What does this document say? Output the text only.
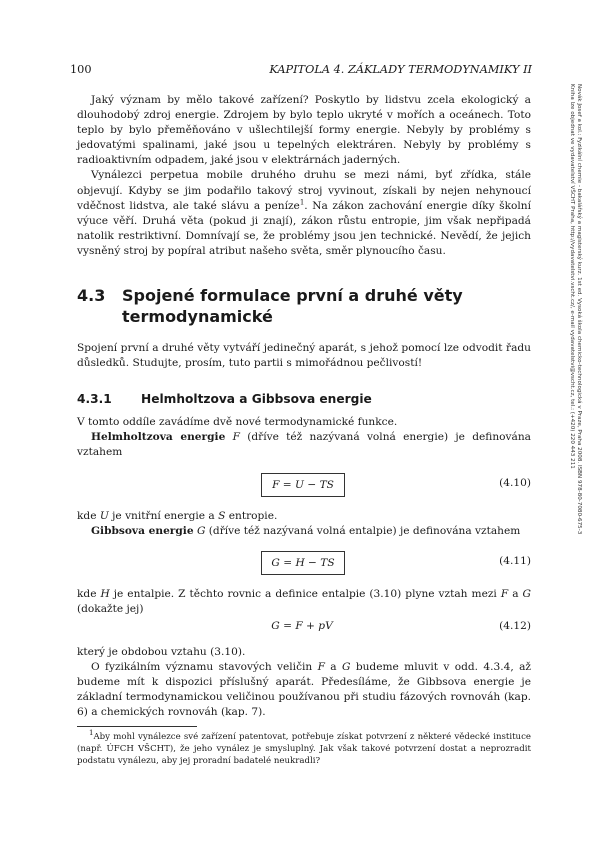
100	KAPITOLA 4. ZÁKLADY TERMODYNAMIKY II
Novák Josef a kol.: Fyzikální chemie - bakalářský a magisterský kurz. 1st ed. Vysoká škola chemicko-technologická v Praze, Praha 2008. ISBN 978-80-7080-675-3
Kniha lze objednat ve vydavatelství VŠCHT Praha, http://vydavatelstvi.vscht.cz/, e-mail vydavatelstvi@vscht.cz, tel.: (+420) 220 443 211

Jaký význam by mělo takové zařízení? Poskytlo by lidstvu zcela ekologický a dlouhodobý zdroj energie. Zdrojem by bylo teplo ukryté v mořích a oceánech. Toto teplo by bylo přeměňováno v ušlechtilejší formy energie. Nebyly by problémy s jedovatými spalinami, jaké jsou u tepelných elektráren. Nebyly by problémy s radioaktivním odpadem, jaké jsou v elektrárnách jaderných.

Vynálezci perpetua mobile druhého druhu se mezi námi, byť zřídka, stále objevují. Kdyby se jim podařilo takový stroj vyvinout, získali by nejen nehynoucí vděčnost lidstva, ale také slávu a peníze$^1$. Na zákon zachování energie díky školní výuce věří. Druhá věta (pokud ji znají), zákon růstu entropie, jim však nepřipadá natolik restriktivní. Domnívají se, že problémy jsou jen technické. Nevědí, že jejich vysněný stroj by popíral atribut našeho světa, směr plynoucího času.

4.3	Spojené formulace první a druhé věty termodynamické

Spojení první a druhé věty vytváří jedinečný aparát, s jehož pomocí lze odvodit řadu důsledků. Studujte, prosím, tuto partii s mimořádnou pečlivostí!

4.3.1	Helmholtzova a Gibbsova energie

V tomto oddíle zavádíme dvě nové termodynamické funkce.

Helmholtzova energie F (dříve též nazývaná volná energie) je definována vztahem

F = U − TS	(4.10)

kde U je vnitřní energie a S entropie.

Gibbsova energie G (dříve též nazývaná volná entalpie) je definována vztahem

G = H − TS	(4.11)

kde H je entalpie. Z těchto rovnic a definice entalpie (3.10) plyne vztah mezi F a G (dokažte jej)

G = F + pV	(4.12)

který je obdobou vztahu (3.10).

O fyzikálním významu stavových veličin F a G budeme mluvit v odd. 4.3.4, až budeme mít k dispozici příslušný aparát. Předesíláme, že Gibbsova energie je základní termodynamickou veličinou používanou při studiu fázových rovnováh (kap. 6) a chemických rovnováh (kap. 7).

$^1$Aby mohl vynálezce své zařízení patentovat, potřebuje získat potvrzení z některé vědecké instituce (např. ÚFCH VŠCHT), že jeho vynález je smysluplný. Jak však takové potvrzení dostat a neprozradit podstatu vynálezu, aby jej proradní badatelé neukradli?
